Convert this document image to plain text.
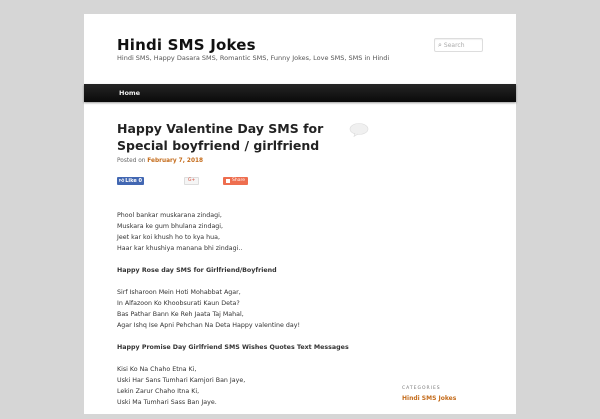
Hindi SMS Jokes
Hindi SMS, Happy Dasara SMS, Romantic SMS, Funny Jokes, Love SMS, SMS in Hindi
⌕
Search
Home
Happy Valentine Day SMS for Special boyfriend / girlfriend
Posted on February 7, 2018
👍︎ Like 0	G+	Share

Phool bankar muskarana zindagi,
Muskara ke gum bhulana zindagi,
Jeet kar koi khush ho to kya hua,
Haar kar khushiya manana bhi zindagi..

Happy Rose day SMS for Girlfriend/Boyfriend

Sirf Isharoon Mein Hoti Mohabbat Agar,
In Alfazoon Ko Khoobsurati Kaun Deta?
Bas Pathar Bann Ke Reh Jaata Taj Mahal,
Agar Ishq Ise Apni Pehchan Na Deta Happy valentine day!

Happy Promise Day Girlfriend SMS Wishes Quotes Text Messages

Kisi Ko Na Chaho Etna Ki,
Uski Har Sans Tumhari Kamjori Ban Jaye,
Lekin Zarur Chaho Itna Ki,
Uski Ma Tumhari Sass Ban Jaye.

CATEGORIES
Hindi SMS Jokes
